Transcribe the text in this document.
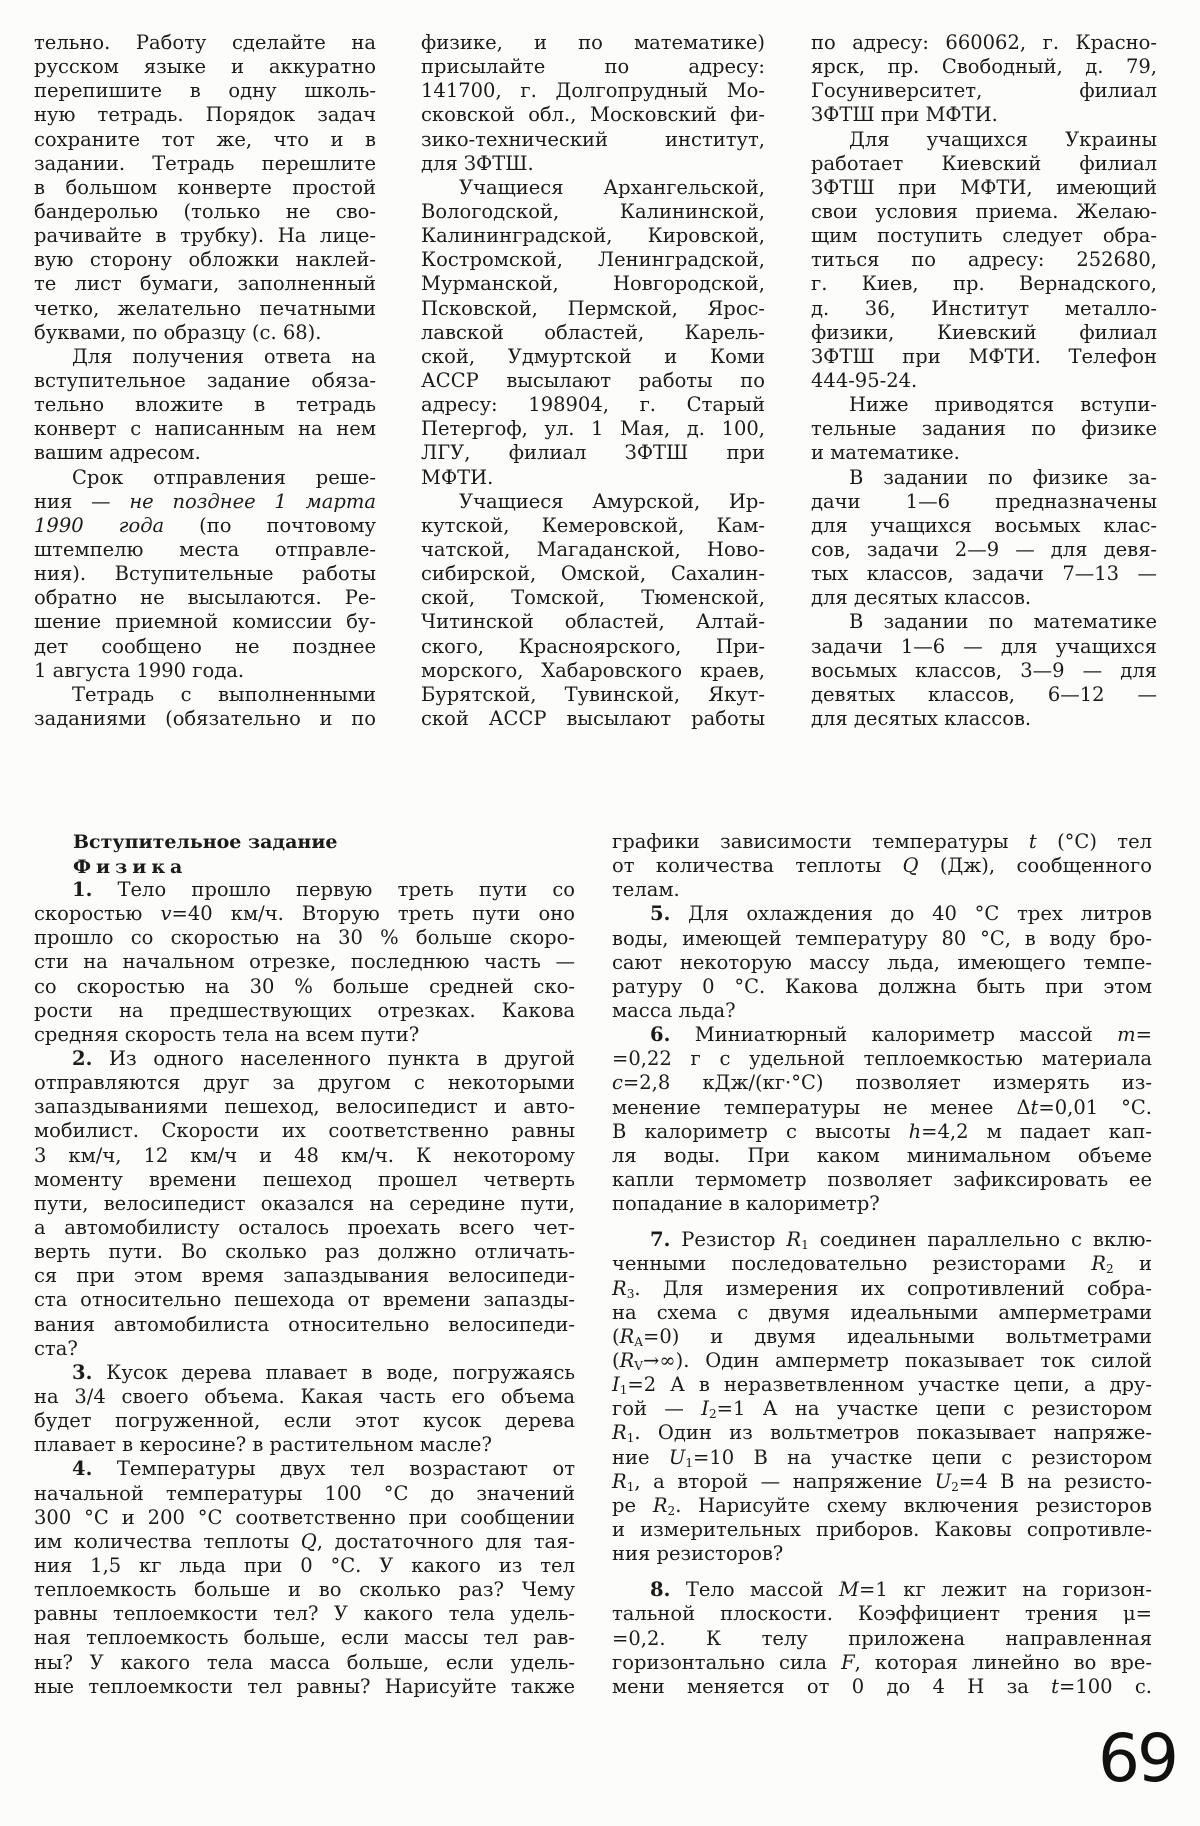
тельно. Работу сделайте на
русском языке и аккуратно
перепишите в одну школь-
ную тетрадь. Порядок задач
сохраните тот же, что и в
задании. Тетрадь перешлите
в большом конверте простой
бандеролью (только не сво-
рачивайте в трубку). На лице-
вую сторону обложки наклей-
те лист бумаги, заполненный
четко, желательно печатными
буквами, по образцу (с. 68).
Для получения ответа на
вступительное задание обяза-
тельно вложите в тетрадь
конверт с написанным на нем
вашим адресом.
Срок отправления реше-
ния — не позднее 1 марта
1990 года (по почтовому
штемпелю места отправле-
ния). Вступительные работы
обратно не высылаются. Ре-
шение приемной комиссии бу-
дет сообщено не позднее
1 августа 1990 года.
Тетрадь с выполненными
заданиями (обязательно и по
физике, и по математике)
присылайте по адресу:
141700, г. Долгопрудный Мо-
сковской обл., Московский фи-
зико-технический институт,
для ЗФТШ.
Учащиеся Архангельской,
Вологодской, Калининской,
Калининградской, Кировской,
Костромской, Ленинградской,
Мурманской, Новгородской,
Псковской, Пермской, Ярос-
лавской областей, Карель-
ской, Удмуртской и Коми
АССР высылают работы по
адресу: 198904, г. Старый
Петергоф, ул. 1 Мая, д. 100,
ЛГУ, филиал ЗФТШ при
МФТИ.
Учащиеся Амурской, Ир-
кутской, Кемеровской, Кам-
чатской, Магаданской, Ново-
сибирской, Омской, Сахалин-
ской, Томской, Тюменской,
Читинской областей, Алтай-
ского, Красноярского, При-
морского, Хабаровского краев,
Бурятской, Тувинской, Якут-
ской АССР высылают работы
по адресу: 660062, г. Красно-
ярск, пр. Свободный, д. 79,
Госуниверситет, филиал
ЗФТШ при МФТИ.
Для учащихся Украины
работает Киевский филиал
ЗФТШ при МФТИ, имеющий
свои условия приема. Желаю-
щим поступить следует обра-
титься по адресу: 252680,
г. Киев, пр. Вернадского,
д. 36, Институт металло-
физики, Киевский филиал
ЗФТШ при МФТИ. Телефон
444-95-24.
Ниже приводятся вступи-
тельные задания по физике
и математике.
В задании по физике за-
дачи 1—6 предназначены
для учащихся восьмых клас-
сов, задачи 2—9 — для девя-
тых классов, задачи 7—13 —
для десятых классов.
В задании по математике
задачи 1—6 — для учащихся
восьмых классов, 3—9 — для
девятых классов, 6—12 —
для десятых классов.
Вступительное задание
Физика
1. Тело прошло первую треть пути со
скоростью v=40 км/ч. Вторую треть пути оно
прошло со скоростью на 30 % больше скоро-
сти на начальном отрезке, последнюю часть —
со скоростью на 30 % больше средней ско-
рости на предшествующих отрезках. Какова
средняя скорость тела на всем пути?
2. Из одного населенного пункта в другой
отправляются друг за другом с некоторыми
запаздываниями пешеход, велосипедист и авто-
мобилист. Скорости их соответственно равны
3 км/ч, 12 км/ч и 48 км/ч. К некоторому
моменту времени пешеход прошел четверть
пути, велосипедист оказался на середине пути,
а автомобилисту осталось проехать всего чет-
верть пути. Во сколько раз должно отличать-
ся при этом время запаздывания велосипеди-
ста относительно пешехода от времени запазды-
вания автомобилиста относительно велосипеди-
ста?
3. Кусок дерева плавает в воде, погружаясь
на 3/4 своего объема. Какая часть его объема
будет погруженной, если этот кусок дерева
плавает в керосине? в растительном масле?
4. Температуры двух тел возрастают от
начальной температуры 100 °С до значений
300 °С и 200 °С соответственно при сообщении
им количества теплоты Q, достаточного для тая-
ния 1,5 кг льда при 0 °С. У какого из тел
теплоемкость больше и во сколько раз? Чему
равны теплоемкости тел? У какого тела удель-
ная теплоемкость больше, если массы тел рав-
ны? У какого тела масса больше, если удель-
ные теплоемкости тел равны? Нарисуйте также
графики зависимости температуры t (°С) тел
от количества теплоты Q (Дж), сообщенного
телам.
5. Для охлаждения до 40 °С трех литров
воды, имеющей температуру 80 °С, в воду бро-
сают некоторую массу льда, имеющего темпе-
ратуру 0 °С. Какова должна быть при этом
масса льда?
6. Миниатюрный калориметр массой m=
=0,22 г с удельной теплоемкостью материала
c=2,8 кДж/(кг·°С) позволяет измерять из-
менение температуры не менее Δt=0,01 °С.
В калориметр с высоты h=4,2 м падает кап-
ля воды. При каком минимальном объеме
капли термометр позволяет зафиксировать ее
попадание в калориметр?
7. Резистор R1 соединен параллельно с вклю-
ченными последовательно резисторами R2 и
R3. Для измерения их сопротивлений собра-
на схема с двумя идеальными амперметрами
(RA=0) и двумя идеальными вольтметрами
(RV→∞). Один амперметр показывает ток силой
I1=2 А в неразветвленном участке цепи, а дру-
гой — I2=1 А на участке цепи с резистором
R1. Один из вольтметров показывает напряже-
ние U1=10 В на участке цепи с резистором
R1, а второй — напряжение U2=4 В на резисто-
ре R2. Нарисуйте схему включения резисторов
и измерительных приборов. Каковы сопротивле-
ния резисторов?
8. Тело массой M=1 кг лежит на горизон-
тальной плоскости. Коэффициент трения μ=
=0,2. К телу приложена направленная
горизонтально сила F, которая линейно во вре-
мени меняется от 0 до 4 Н за t=100 с.
69
